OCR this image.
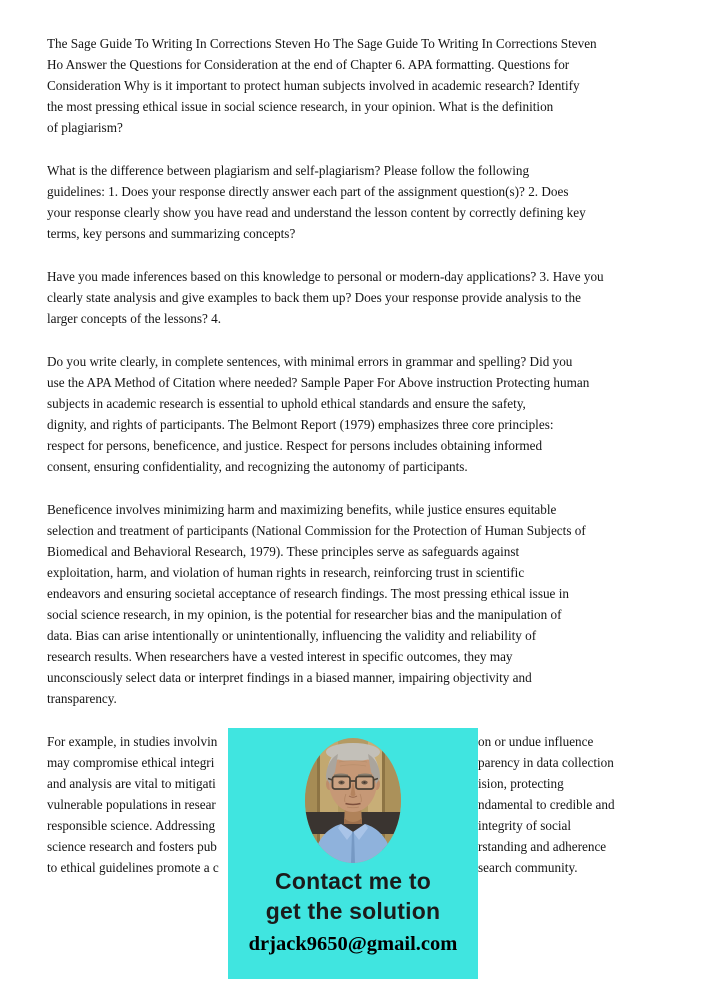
The Sage Guide To Writing In Corrections Steven Ho The Sage Guide To Writing In Corrections Steven
Ho Answer the Questions for Consideration at the end of Chapter 6. APA formatting. Questions for
Consideration Why is it important to protect human subjects involved in academic research? Identify
the most pressing ethical issue in social science research, in your opinion. What is the definition
of plagiarism?
What is the difference between plagiarism and self-plagiarism? Please follow the following
guidelines: 1. Does your response directly answer each part of the assignment question(s)? 2. Does
your response clearly show you have read and understand the lesson content by correctly defining key
terms, key persons and summarizing concepts?
Have you made inferences based on this knowledge to personal or modern-day applications? 3. Have you
clearly state analysis and give examples to back them up? Does your response provide analysis to the
larger concepts of the lessons? 4.
Do you write clearly, in complete sentences, with minimal errors in grammar and spelling? Did you
use the APA Method of Citation where needed? Sample Paper For Above instruction Protecting human
subjects in academic research is essential to uphold ethical standards and ensure the safety,
dignity, and rights of participants. The Belmont Report (1979) emphasizes three core principles:
respect for persons, beneficence, and justice. Respect for persons includes obtaining informed
consent, ensuring confidentiality, and recognizing the autonomy of participants.
Beneficence involves minimizing harm and maximizing benefits, while justice ensures equitable
selection and treatment of participants (National Commission for the Protection of Human Subjects of
Biomedical and Behavioral Research, 1979). These principles serve as safeguards against
exploitation, harm, and violation of human rights in research, reinforcing trust in scientific
endeavors and ensuring societal acceptance of research findings. The most pressing ethical issue in
social science research, in my opinion, is the potential for researcher bias and the manipulation of
data. Bias can arise intentionally or unintentionally, influencing the validity and reliability of
research results. When researchers have a vested interest in specific outcomes, they may
unconsciously select data or interpret findings in a biased manner, impairing objectivity and
transparency.
For example, in studies involvin	on or undue influence
may compromise ethical integri	parency in data collection
and analysis are vital to mitigati	ision, protecting
vulnerable populations in resear	ndamental to credible and
responsible science. Addressing	integrity of social
science research and fosters pub	rstanding and adherence
to ethical guidelines promote a c	search community.
Contact me to
get the solution
drjack9650@gmail.com
